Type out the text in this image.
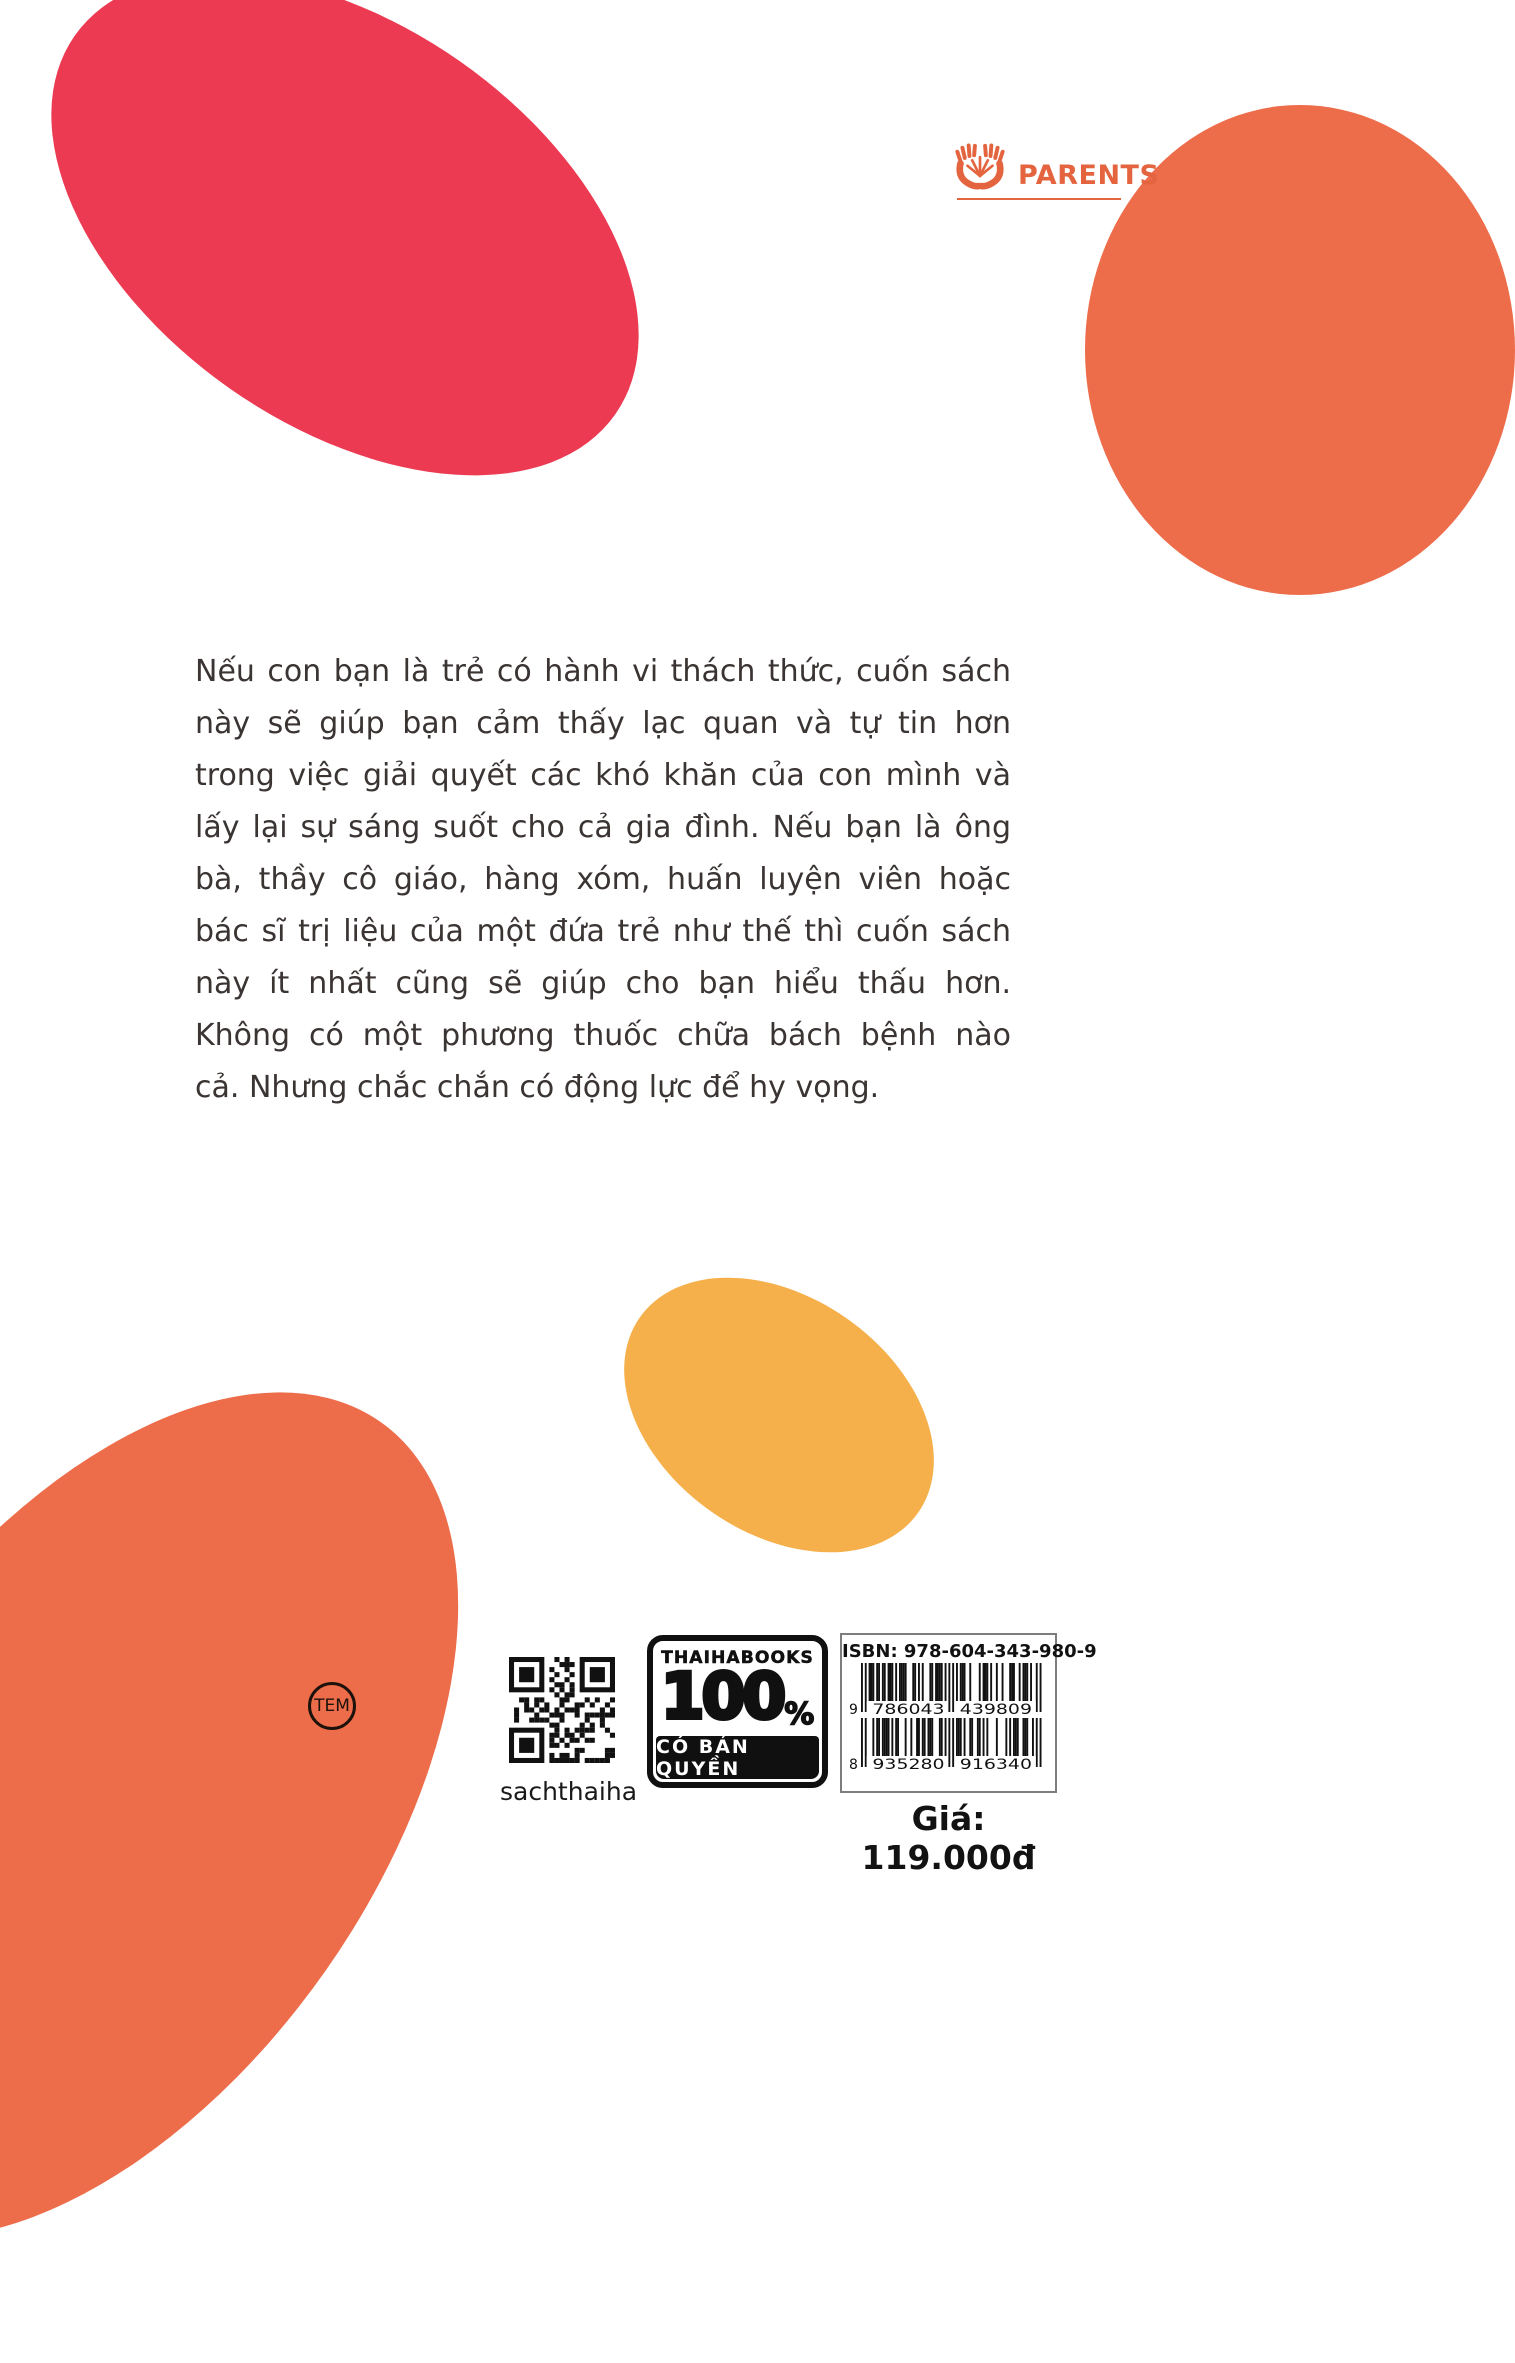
PARENTS
Nếu con bạn là trẻ có hành vi thách thức, cuốn sách
này sẽ giúp bạn cảm thấy lạc quan và tự tin hơn
trong việc giải quyết các khó khăn của con mình và
lấy lại sự sáng suốt cho cả gia đình. Nếu bạn là ông
bà, thầy cô giáo, hàng xóm, huấn luyện viên hoặc
bác sĩ trị liệu của một đứa trẻ như thế thì cuốn sách
này ít nhất cũng sẽ giúp cho bạn hiểu thấu hơn.
Không có một phương thuốc chữa bách bệnh nào
cả. Nhưng chắc chắn có động lực để hy vọng.
TEM
sachthaiha
THAIHABOOKS
100%
CÓ BẢN QUYỀN
ISBN: 978-604-343-980-9
9 786043 439809
8 935280 916340
Giá: 119.000đ
